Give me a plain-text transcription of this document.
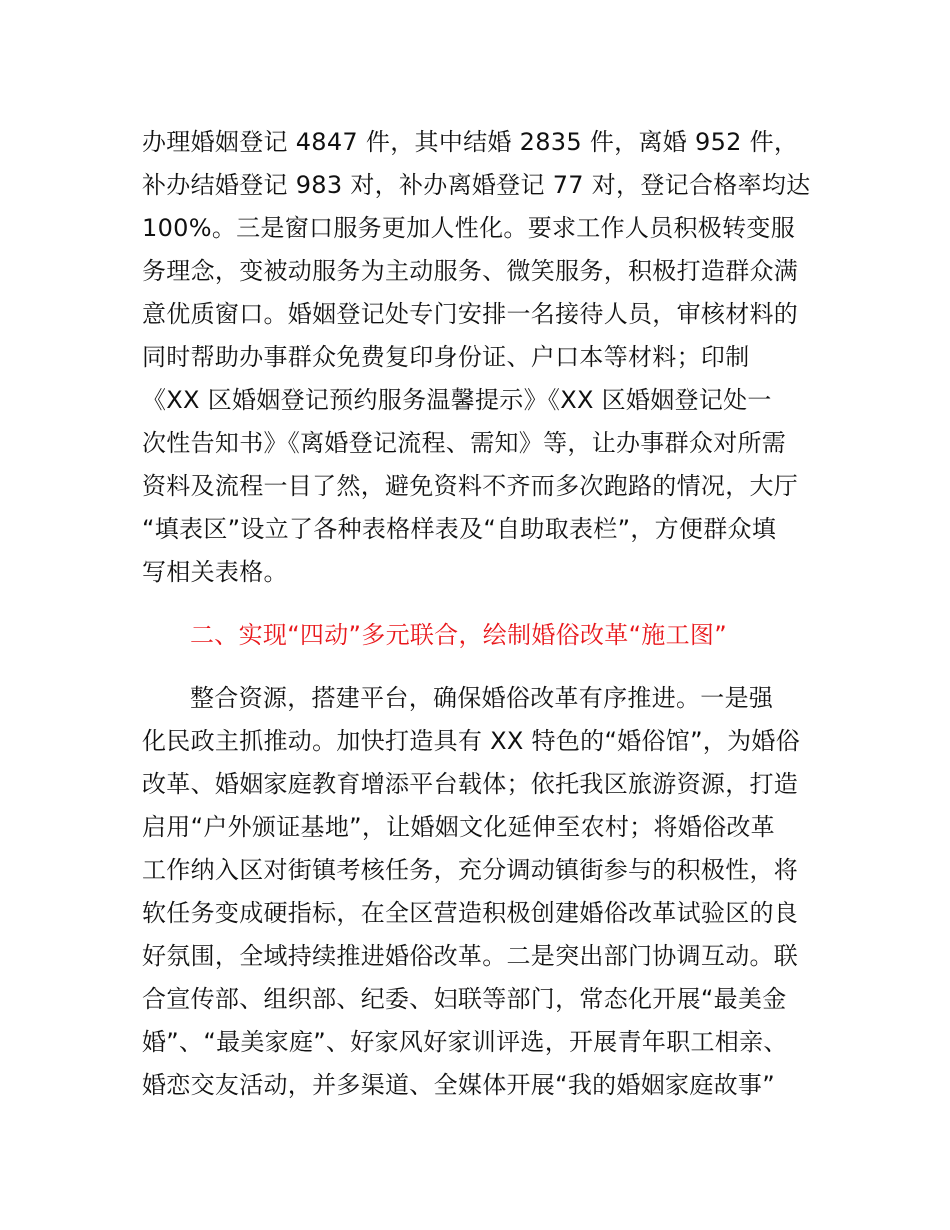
办理婚姻登记 4847 件，其中结婚 2835 件，离婚 952 件，
补办结婚登记 983 对，补办离婚登记 77 对，登记合格率均达
100%。三是窗口服务更加人性化。要求工作人员积极转变服
务理念，变被动服务为主动服务、微笑服务，积极打造群众满
意优质窗口。婚姻登记处专门安排一名接待人员，审核材料的
同时帮助办事群众免费复印身份证、户口本等材料；印制
《XX 区婚姻登记预约服务温馨提示》《XX 区婚姻登记处一
次性告知书》《离婚登记流程、需知》等，让办事群众对所需
资料及流程一目了然，避免资料不齐而多次跑路的情况，大厅
“填表区”设立了各种表格样表及“自助取表栏”，方便群众填
写相关表格。
二、实现“四动”多元联合，绘制婚俗改革“施工图”
整合资源，搭建平台，确保婚俗改革有序推进。一是强
化民政主抓推动。加快打造具有 XX 特色的“婚俗馆”，为婚俗
改革、婚姻家庭教育增添平台载体；依托我区旅游资源，打造
启用“户外颁证基地”，让婚姻文化延伸至农村；将婚俗改革
工作纳入区对街镇考核任务，充分调动镇街参与的积极性，将
软任务变成硬指标，在全区营造积极创建婚俗改革试验区的良
好氛围，全域持续推进婚俗改革。二是突出部门协调互动。联
合宣传部、组织部、纪委、妇联等部门，常态化开展“最美金
婚”、“最美家庭”、好家风好家训评选，开展青年职工相亲、
婚恋交友活动，并多渠道、全媒体开展“我的婚姻家庭故事”
